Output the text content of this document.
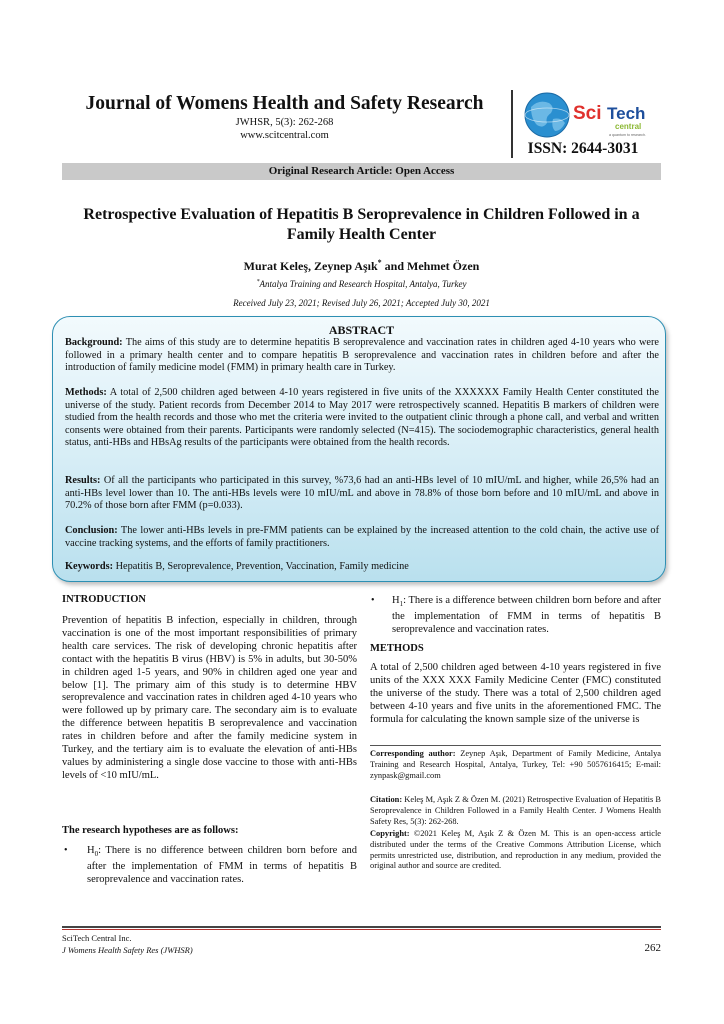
Journal of Womens Health and Safety Research
JWHSR, 5(3): 262-268
www.scitcentral.com
Sci Tech
central
a quantum to research.
ISSN: 2644-3031
Original Research Article: Open Access
Retrospective Evaluation of Hepatitis B Seroprevalence in Children Followed in a Family Health Center
Murat Keleş, Zeynep Aşık* and Mehmet Özen
*Antalya Training and Research Hospital, Antalya, Turkey
Received July 23, 2021; Revised July 26, 2021; Accepted July 30, 2021
ABSTRACT
Background: The aims of this study are to determine hepatitis B seroprevalence and vaccination rates in children aged 4-10 years who were followed in a primary health center and to compare hepatitis B seroprevalence and vaccination rates in children before and after the introduction of family medicine model (FMM) in primary health care in Turkey.
Methods: A total of 2,500 children aged between 4-10 years registered in five units of the XXXXXX Family Health Center constituted the universe of the study. Patient records from December 2014 to May 2017 were retrospectively scanned. Hepatitis B markers of children were studied from the health records and those who met the criteria were invited to the outpatient clinic through a phone call, and verbal and written consents were obtained from their parents. Participants were randomly selected (N=415). The sociodemographic characteristics, general health status, anti-HBs and HBsAg results of the participants were obtained from the health records.
Results: Of all the participants who participated in this survey, %73,6 had an anti-HBs level of 10 mIU/mL and higher, while 26,5% had an anti-HBs level lower than 10. The anti-HBs levels were 10 mIU/mL and above in 78.8% of those born before and 10 mIU/mL and above in 70.2% of those born after FMM (p=0.033).
Conclusion: The lower anti-HBs levels in pre-FMM patients can be explained by the increased attention to the cold chain, the active use of vaccine tracking systems, and the efforts of family practitioners.
Keywords: Hepatitis B, Seroprevalence, Prevention, Vaccination, Family medicine
INTRODUCTION
Prevention of hepatitis B infection, especially in children, through vaccination is one of the most important responsibilities of primary health care services. The risk of developing chronic hepatitis after contact with the hepatitis B virus (HBV) is 5% in adults, but 30-50% in children aged 1-5 years, and 90% in children aged one year and below [1]. The primary aim of this study is to determine HBV seroprevalence and vaccination rates in children aged 4-10 years who were followed up by primary care. The secondary aim is to evaluate the difference between hepatitis B seroprevalence and vaccination rates in children before and after the family medicine system in Turkey, and the tertiary aim is to evaluate the elevation of anti-HBs values by administering a single dose vaccine to those with anti-HBs levels of <10 mIU/mL.
The research hypotheses are as follows:
• $H_0$: There is no difference between children born before and after the implementation of FMM in terms of hepatitis B seroprevalence and vaccination rates.
• $H_1$: There is a difference between children born before and after the implementation of FMM in terms of hepatitis B seroprevalence and vaccination rates.
METHODS
A total of 2,500 children aged between 4-10 years registered in five units of the XXX XXX Family Medicine Center (FMC) constituted the universe of the study. There was a total of 2,500 children aged between 4-10 years and five units in the aforementioned FMC. The formula for calculating the known sample size of the universe is
Corresponding author: Zeynep Aşık, Department of Family Medicine, Antalya Training and Research Hospital, Antalya, Turkey, Tel: +90 5057616415; E-mail: zynpask@gmail.com
Citation: Keleş M, Aşık Z & Özen M. (2021) Retrospective Evaluation of Hepatitis B Seroprevalence in Children Followed in a Family Health Center. J Womens Health Safety Res, 5(3): 262-268.
Copyright: ©2021 Keleş M, Aşık Z & Özen M. This is an open-access article distributed under the terms of the Creative Commons Attribution License, which permits unrestricted use, distribution, and reproduction in any medium, provided the original author and source are credited.
SciTech Central Inc.
J Womens Health Safety Res (JWHSR)	262
